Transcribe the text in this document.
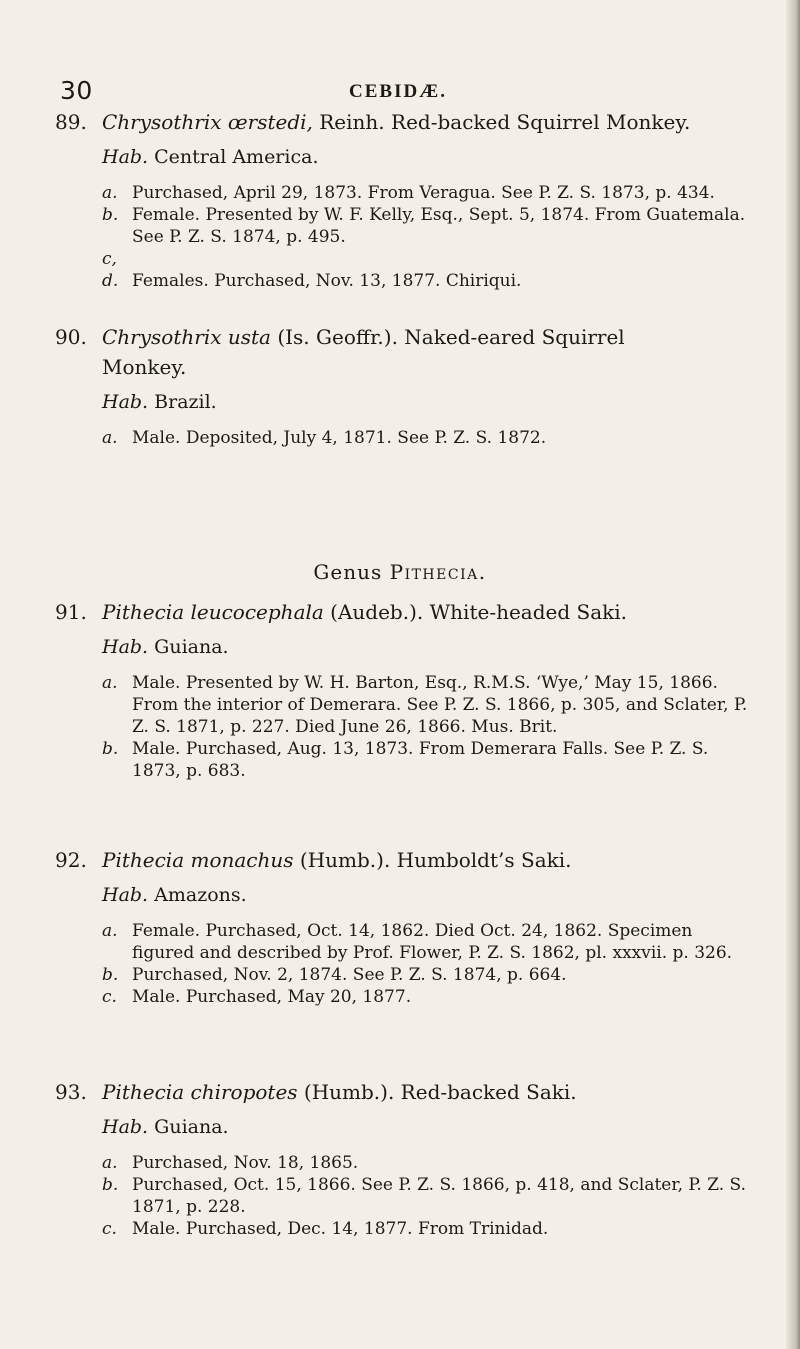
30	CEBIDÆ.
89. Chrysothrix œrstedi, Reinh. Red-backed Squirrel Monkey.
Hab. Central America.
a. Purchased, April 29, 1873. From Veragua. See P. Z. S. 1873, p. 434.
b. Female. Presented by W. F. Kelly, Esq., Sept. 5, 1874. From Guatemala. See P. Z. S. 1874, p. 495.
c, d. Females. Purchased, Nov. 13, 1877. Chiriqui.
90. Chrysothrix usta (Is. Geoffr.). Naked-eared Squirrel
Monkey.
Hab. Brazil.
a. Male. Deposited, July 4, 1871. See P. Z. S. 1872.
Genus Pithecia.
91. Pithecia leucocephala (Audeb.). White-headed Saki.
Hab. Guiana.
a. Male. Presented by W. H. Barton, Esq., R.M.S. ‘Wye,’ May 15, 1866. From the interior of Demerara. See P. Z. S. 1866, p. 305, and Sclater, P. Z. S. 1871, p. 227. Died June 26, 1866. Mus. Brit.
b. Male. Purchased, Aug. 13, 1873. From Demerara Falls. See P. Z. S. 1873, p. 683.
92. Pithecia monachus (Humb.). Humboldt’s Saki.
Hab. Amazons.
a. Female. Purchased, Oct. 14, 1862. Died Oct. 24, 1862. Specimen figured and described by Prof. Flower, P. Z. S. 1862, pl. xxxvii. p. 326.
b. Purchased, Nov. 2, 1874. See P. Z. S. 1874, p. 664.
c. Male. Purchased, May 20, 1877.
93. Pithecia chiropotes (Humb.). Red-backed Saki.
Hab. Guiana.
a. Purchased, Nov. 18, 1865.
b. Purchased, Oct. 15, 1866. See P. Z. S. 1866, p. 418, and Sclater, P. Z. S. 1871, p. 228.
c. Male. Purchased, Dec. 14, 1877. From Trinidad.
